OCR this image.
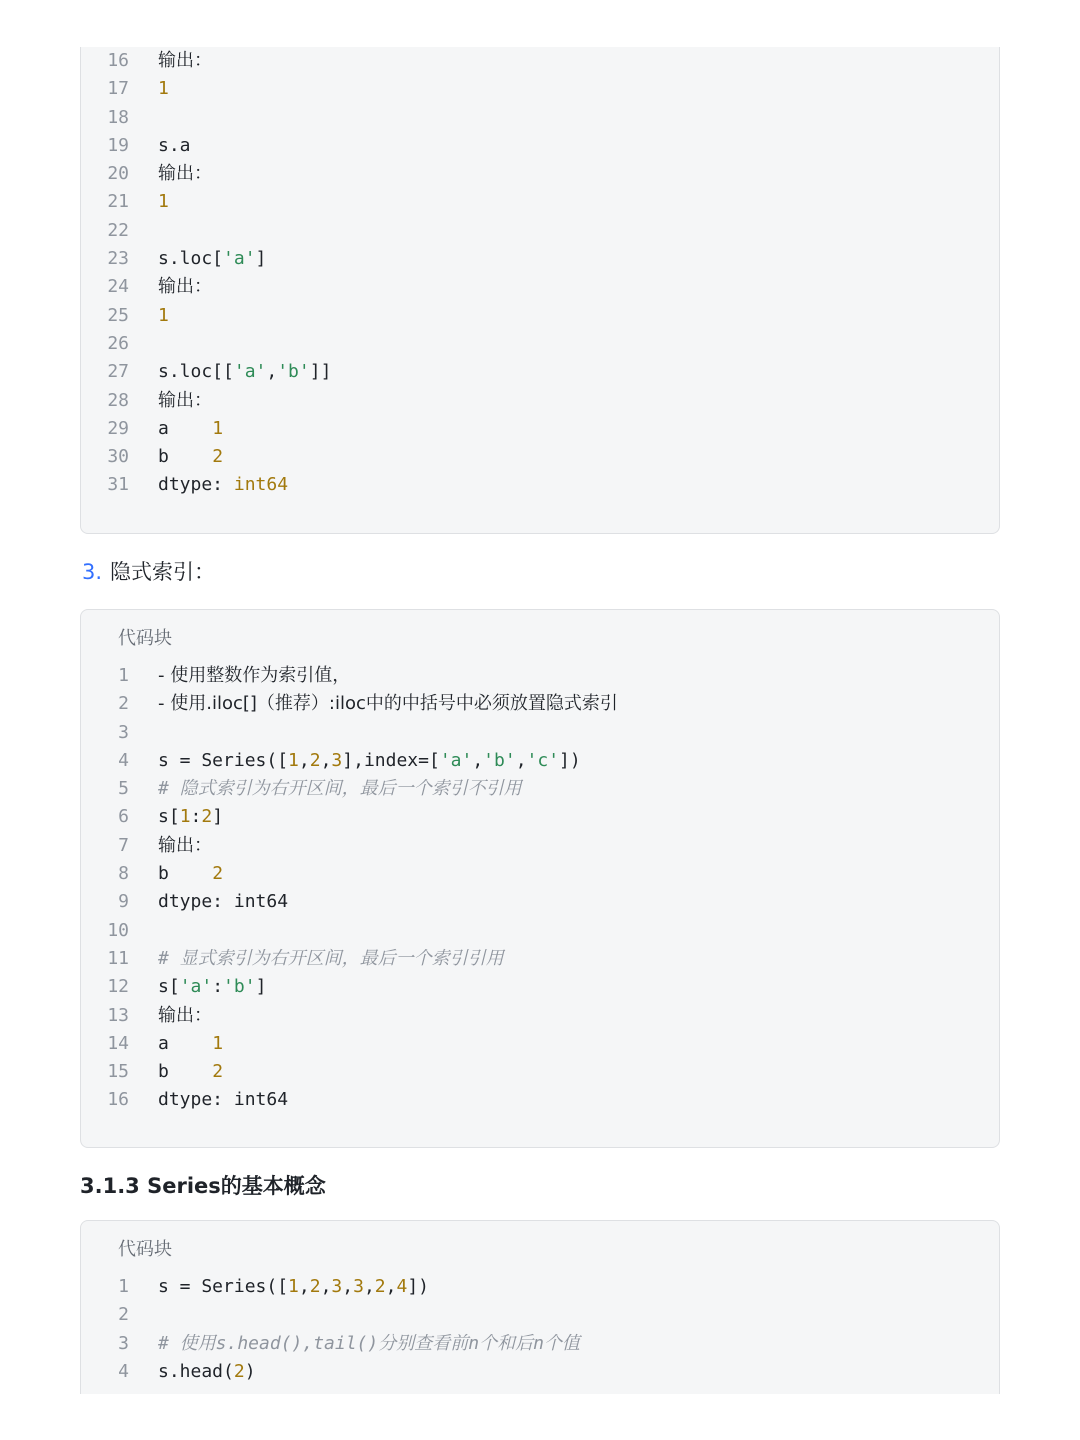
16 输出：
17 1
18
19 s.a
20 输出：
21 1
22
23 s.loc['a']
24 输出：
25 1
26
27 s.loc[['a','b']]
28 输出：
29 a    1
30 b    2
31 dtype: int64
3. 隐式索引：
代码块
1 - 使用整数作为索引值，
2 - 使用.iloc[]（推荐）:iloc中的中括号中必须放置隐式索引
3
4 s = Series([1,2,3],index=['a','b','c'])
5 # 隐式索引为右开区间，最后一个索引不引用
6 s[1:2]
7 输出：
8 b    2
9 dtype: int64
10
11 # 显式索引为右开区间，最后一个索引引用
12 s['a':'b']
13 输出：
14 a    1
15 b    2
16 dtype: int64
3.1.3 Series的基本概念
代码块
1 s = Series([1,2,3,3,2,4])
2
3 # 使用s.head(),tail()分别查看前n个和后n个值
4 s.head(2)
